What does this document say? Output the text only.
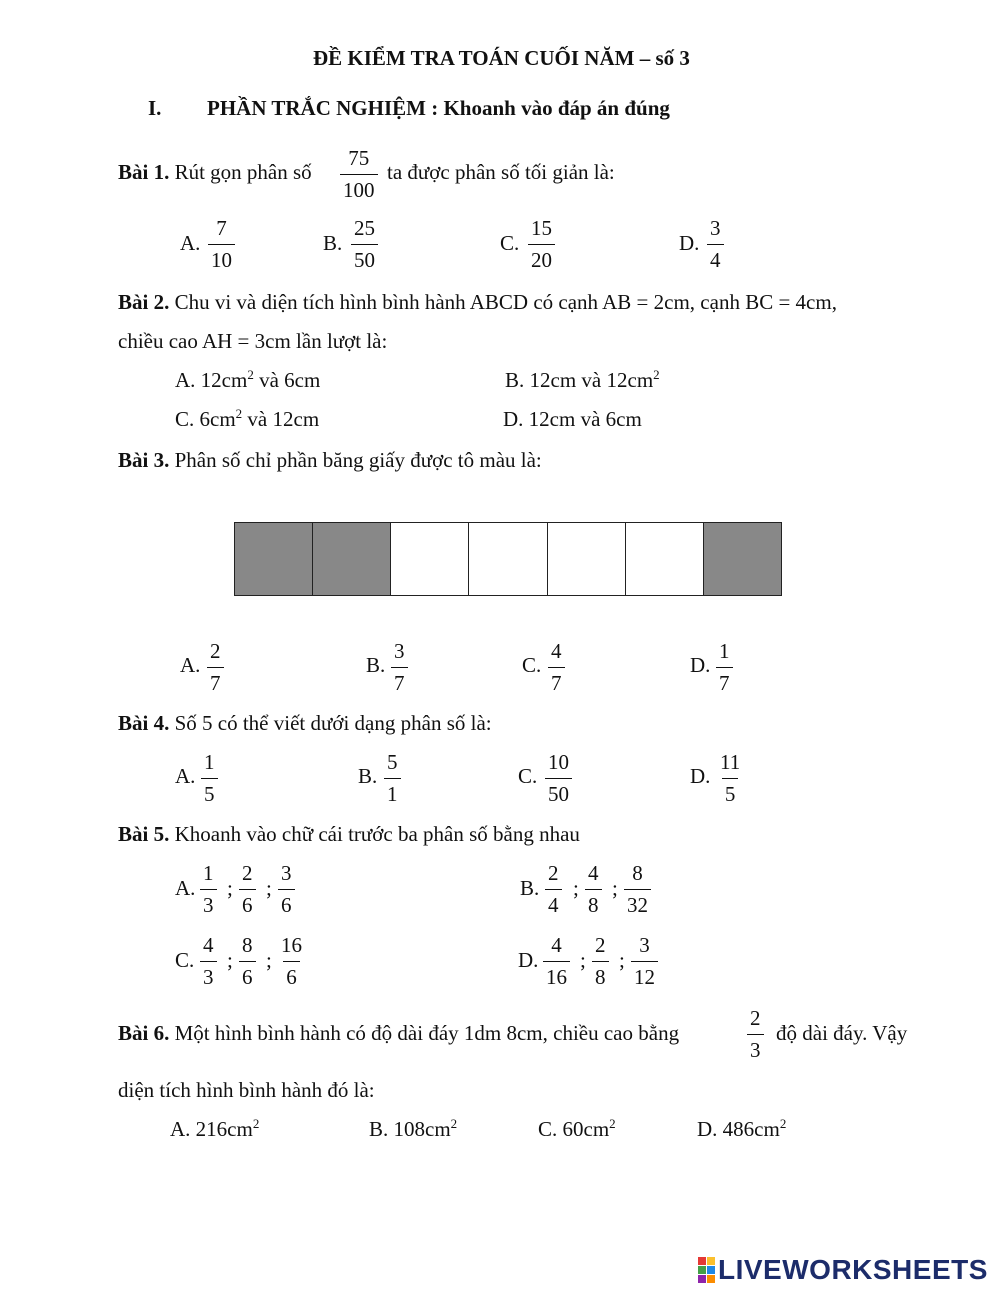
ĐỀ KIỂM TRA TOÁN CUỐI NĂM – số 3
I. PHẦN TRẮC NGHIỆM : Khoanh vào đáp án đúng
Bài 1. Rút gọn phân số $\frac{75}{100}$ ta được phân số tối giản là:
A. $\frac{7}{10}$	B. $\frac{25}{50}$	C. $\frac{15}{20}$	D. $\frac{3}{4}$
Bài 2. Chu vi và diện tích hình bình hành ABCD có cạnh AB = 2cm, cạnh BC = 4cm,
chiều cao AH = 3cm lần lượt là:
A. $12cm^2$ và 6cm	B. 12cm và $12cm^2$
C. $6cm^2$ và 12cm	D. 12cm và 6cm
Bài 3. Phân số chỉ phần băng giấy được tô màu là:
A. $\frac{2}{7}$	B. $\frac{3}{7}$	C. $\frac{4}{7}$	D. $\frac{1}{7}$
Bài 4. Số 5 có thể viết dưới dạng phân số là:
A. $\frac{1}{5}$	B. $\frac{5}{1}$	C. $\frac{10}{50}$	D. $\frac{11}{5}$
Bài 5. Khoanh vào chữ cái trước ba phân số bằng nhau
A. $\frac{1}{3}$ ; $\frac{2}{6}$ ; $\frac{3}{6}$	B. $\frac{2}{4}$ ; $\frac{4}{8}$ ; $\frac{8}{32}$
C. $\frac{4}{3}$ ; $\frac{8}{6}$ ; $\frac{16}{6}$	D. $\frac{4}{16}$ ; $\frac{2}{8}$ ; $\frac{3}{12}$
Bài 6. Một hình bình hành có độ dài đáy 1dm 8cm, chiều cao bằng	$\frac{2}{3}$ độ dài đáy. Vậy
diện tích hình bình hành đó là:
A. $216cm^2$	B. $108cm^2$	C. $60cm^2$	D. $486cm^2$
LIVEWORKSHEETS
